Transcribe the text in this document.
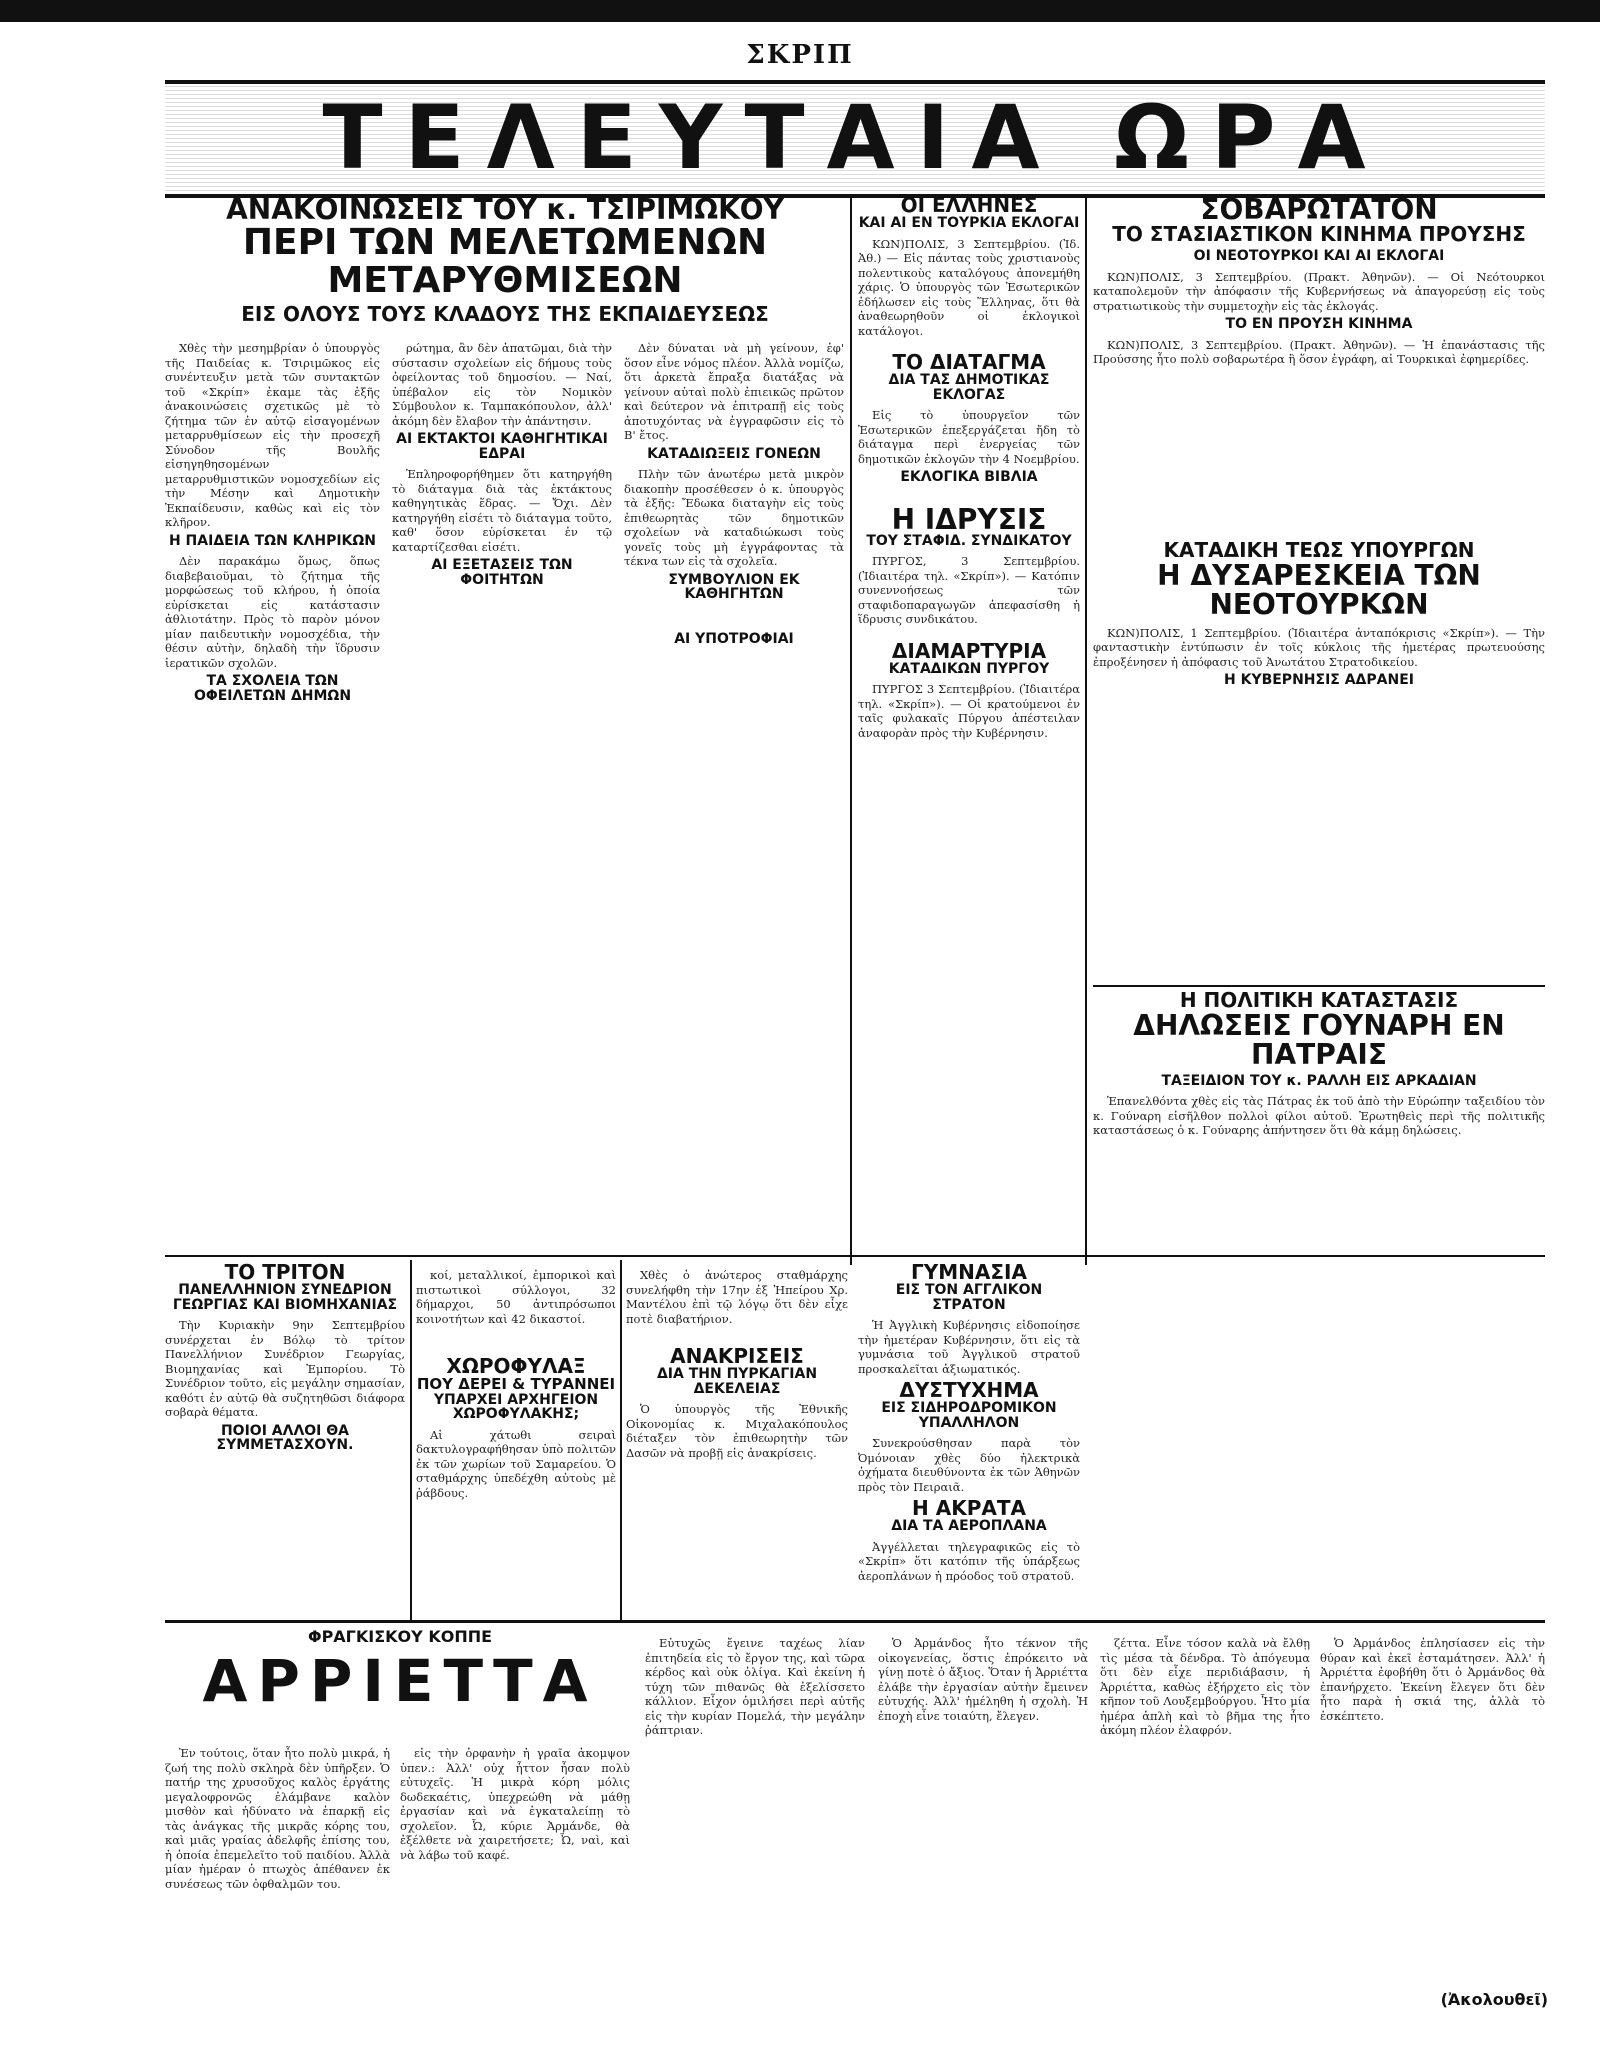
ΣΚΡΙΠ
ΤΕΛΕΥΤΑΙΑ ΩΡΑ
ΑΝΑΚΟΙΝΩΣΕΙΣ ΤΟΥ κ. ΤΣΙΡΙΜΩΚΟΥ
ΠΕΡΙ ΤΩΝ ΜΕΛΕΤΩΜΕΝΩΝ ΜΕΤΑΡΥΘΜΙΣΕΩΝ
ΕΙΣ ΟΛΟΥΣ ΤΟΥΣ ΚΛΑΔΟΥΣ ΤΗΣ ΕΚΠΑΙΔΕΥΣΕΩΣ

Χθὲς τὴν μεσημβρίαν ὁ ὑπουργὸς τῆς Παιδείας κ. Τσιριμῶκος εἰς συνέντευξιν μετὰ τῶν συντακτῶν τοῦ «Σκρίπ» ἐκαμε τὰς ἑξῆς ἀνακοινώσεις σχετικῶς μὲ τὸ ζήτημα τῶν ἐν αὐτῷ εἰσαγομένων μεταρρυθμίσεων εἰς τὴν προσεχῆ Σύνοδον τῆς Βουλῆς εἰσηγηθησομένων μεταρρυθμιστικῶν νομοσχεδίων εἰς τὴν Μέσην καὶ Δημοτικὴν Ἐκπαίδευσιν, καθὼς καὶ εἰς τὸν κλῆρον.

Η ΠΑΙΔΕΙΑ ΤΩΝ ΚΛΗΡΙΚΩΝ

Δὲν παρακάμω ὅμως, ὅπως διαβεβαιοῦμαι, τὸ ζήτημα τῆς μορφώσεως τοῦ κλήρου, ἡ ὁποία εὑρίσκεται εἰς κατάστασιν ἀθλιοτάτην. Πρὸς τὸ παρὸν μόνον μίαν παιδευτικὴν νομοσχέδια, τὴν θέσιν αὐτὴν, δηλαδὴ τὴν ἵδρυσιν ἱερατικῶν σχολῶν.

ΤΑ ΣΧΟΛΕΙΑ ΤΩΝ ΟΦΕΙΛΕΤΩΝ ΔΗΜΩΝ

ρώτημα, ἂν δὲν ἀπατῶμαι, διὰ τὴν σύστασιν σχολείων εἰς δήμους τοὺς ὀφείλοντας τοῦ δημοσίου. — Ναί, ὑπέβαλον εἰς τὸν Νομικὸν Σύμβουλον κ. Ταμπακόπουλον, ἀλλ' ἀκόμη δὲν ἔλαβον τὴν ἀπάντησιν.

ΑΙ ΕΚΤΑΚΤΟΙ ΚΑΘΗΓΗΤΙΚΑΙ ΕΔΡΑΙ

Ἐπληροφορήθημεν ὅτι κατηργήθη τὸ διάταγμα διὰ τὰς ἐκτάκτους καθηγητικὰς ἕδρας. — Ὄχι. Δὲν κατηργήθη εἰσέτι τὸ διάταγμα τοῦτο, καθ' ὅσον εὑρίσκεται ἐν τῷ καταρτίζεσθαι εἰσέτι.

ΑΙ ΕΞΕΤΑΣΕΙΣ ΤΩΝ ΦΟΙΤΗΤΩΝ

Δὲν δύναται νὰ μὴ γείνουν, ἐφ' ὅσον εἶνε νόμος πλέον. Ἀλλὰ νομίζω, ὅτι ἀρκετὰ ἔπραξα διατάξας νὰ γείνουν αὐταὶ πολὺ ἐπιεικῶς πρῶτον καὶ δεύτερον νὰ ἐπιτραπῇ εἰς τοὺς ἀποτυχόντας νὰ ἐγγραφῶσιν εἰς τὸ Β' ἔτος.

ΚΑΤΑΔΙΩΞΕΙΣ ΓΟΝΕΩΝ

Πλὴν τῶν ἀνωτέρω μετὰ μικρὸν διακοπὴν προσέθεσεν ὁ κ. ὑπουργὸς τὰ ἑξῆς: Ἔδωκα διαταγὴν εἰς τοὺς ἐπιθεωρητὰς τῶν δημοτικῶν σχολείων νὰ καταδιώκωσι τοὺς γονεῖς τοὺς μὴ ἐγγράφοντας τὰ τέκνα των εἰς τὰ σχολεῖα.

ΣΥΜΒΟΥΛΙΟΝ ΕΚ ΚΑΘΗΓΗΤΩΝ
ΑΙ ΥΠΟΤΡΟΦΙΑΙ
ΟΙ ΕΛΛΗΝΕΣ
ΚΑΙ ΑΙ ΕΝ ΤΟΥΡΚΙΑ ΕΚΛΟΓΑΙ

ΚΩΝ)ΠΟΛΙΣ, 3 Σεπτεμβρίου. (Ἰδ. Ἀθ.) — Εἰς πάντας τοὺς χριστιανοὺς πολεντικοὺς καταλόγους ἀπονεμήθη χάρις. Ὁ ὑπουργὸς τῶν Ἐσωτερικῶν ἐδήλωσεν εἰς τοὺς Ἕλληνας, ὅτι θὰ ἀναθεωρηθοῦν οἱ ἐκλογικοὶ κατάλογοι.

ΤΟ ΔΙΑΤΑΓΜΑ
ΔΙΑ ΤΑΣ ΔΗΜΟΤΙΚΑΣ ΕΚΛΟΓΑΣ

Εἰς τὸ ὑπουργεῖον τῶν Ἐσωτερικῶν ἐπεξεργάζεται ἤδη τὸ διάταγμα περὶ ἐνεργείας τῶν δημοτικῶν ἐκλογῶν τὴν 4 Νοεμβρίου.

ΕΚΛΟΓΙΚΑ ΒΙΒΛΙΑ
Η ΙΔΡΥΣΙΣ
ΤΟΥ ΣΤΑΦΙΔ. ΣΥΝΔΙΚΑΤΟΥ

ΠΥΡΓΟΣ, 3 Σεπτεμβρίου. (Ἰδιαιτέρα τηλ. «Σκρίπ»). — Κατόπιν συνεννοήσεως τῶν σταφιδοπαραγωγῶν ἀπεφασίσθη ἡ ἵδρυσις συνδικάτου.

ΔΙΑΜΑΡΤΥΡΙΑ
ΚΑΤΑΔΙΚΩΝ ΠΥΡΓΟΥ

ΠΥΡΓΟΣ 3 Σεπτεμβρίου. (Ἰδιαιτέρα τηλ. «Σκρίπ»). — Οἱ κρατούμενοι ἐν ταῖς φυλακαῖς Πύργου ἀπέστειλαν ἀναφορὰν πρὸς τὴν Κυβέρνησιν.

ΣΟΒΑΡΩΤΑΤΟΝ
ΤΟ ΣΤΑΣΙΑΣΤΙΚΟΝ ΚΙΝΗΜΑ ΠΡΟΥΣΗΣ
ΟΙ ΝΕΟΤΟΥΡΚΟΙ ΚΑΙ ΑΙ ΕΚΛΟΓΑΙ

ΚΩΝ)ΠΟΛΙΣ, 3 Σεπτεμβρίου. (Πρακτ. Ἀθηνῶν). — Οἱ Νεότουρκοι καταπολεμοῦν τὴν ἀπόφασιν τῆς Κυβερνήσεως νὰ ἀπαγορεύσῃ εἰς τοὺς στρατιωτικοὺς τὴν συμμετοχὴν εἰς τὰς ἐκλογάς.

ΤΟ ΕΝ ΠΡΟΥΣΗ ΚΙΝΗΜΑ

ΚΩΝ)ΠΟΛΙΣ, 3 Σεπτεμβρίου. (Πρακτ. Ἀθηνῶν). — Ἡ ἐπανάστασις τῆς Προύσσης ἦτο πολὺ σοβαρωτέρα ἢ ὅσον ἐγράφη, αἱ Τουρκικαὶ ἐφημερίδες.

ΚΑΤΑΔΙΚΗ ΤΕΩΣ ΥΠΟΥΡΓΩΝ
Η ΔΥΣΑΡΕΣΚΕΙΑ ΤΩΝ ΝΕΟΤΟΥΡΚΩΝ

ΚΩΝ)ΠΟΛΙΣ, 1 Σεπτεμβρίου. (Ἰδιαιτέρα ἀνταπόκρισις «Σκρίπ»). — Τὴν φανταστικὴν ἐντύπωσιν ἐν τοῖς κύκλοις τῆς ἡμετέρας πρωτευούσης ἐπροξένησεν ἡ ἀπόφασις τοῦ Ἀνωτάτου Στρατοδικείου.

Η ΚΥΒΕΡΝΗΣΙΣ ΑΔΡΑΝΕΙ
Η ΠΟΛΙΤΙΚΗ ΚΑΤΑΣΤΑΣΙΣ
ΔΗΛΩΣΕΙΣ ΓΟΥΝΑΡΗ ΕΝ ΠΑΤΡΑΙΣ
ΤΑΞΕΙΔΙΟΝ ΤΟΥ κ. ΡΑΛΛΗ ΕΙΣ ΑΡΚΑΔΙΑΝ

Ἐπανελθόντα χθὲς εἰς τὰς Πάτρας ἐκ τοῦ ἀπὸ τὴν Εὐρώπην ταξειδίου τὸν κ. Γούναρη εἰσῆλθον πολλοὶ φίλοι αὐτοῦ. Ἐρωτηθεὶς περὶ τῆς πολιτικῆς καταστάσεως ὁ κ. Γούναρης ἀπήντησεν ὅτι θὰ κάμῃ δηλώσεις.

ΤΟ ΤΡΙΤΟΝ
ΠΑΝΕΛΛΗΝΙΟΝ ΣΥΝΕΔΡΙΟΝ
ΓΕΩΡΓΙΑΣ ΚΑΙ ΒΙΟΜΗΧΑΝΙΑΣ

Τὴν Κυριακὴν 9ην Σεπτεμβρίου συνέρχεται ἐν Βόλῳ τὸ τρίτον Πανελλήνιον Συνέδριον Γεωργίας, Βιομηχανίας καὶ Ἐμπορίου. Τὸ Συνέδριον τοῦτο, εἰς μεγάλην σημασίαν, καθότι ἐν αὐτῷ θὰ συζητηθῶσι διάφορα σοβαρὰ θέματα.

ΠΟΙΟΙ ΑΛΛΟΙ ΘΑ ΣΥΜΜΕΤΑΣΧΟΥΝ.

κοί, μεταλλικοί, ἐμπορικοὶ καὶ πιστωτικοὶ σύλλογοι, 32 δήμαρχοι, 50 ἀντιπρόσωποι κοινοτήτων καὶ 42 δικαστοί.

ΧΩΡΟΦΥΛΑΞ
ΠΟΥ ΔΕΡΕΙ & ΤΥΡΑΝΝΕΙ
ΥΠΑΡΧΕΙ ΑΡΧΗΓΕΙΟΝ ΧΩΡΟΦΥΛΑΚΗΣ;

Αἱ χάτωθι σειραὶ δακτυλογραφήθησαν ὑπὸ πολιτῶν ἐκ τῶν χωρίων τοῦ Σαμαρείου. Ὁ σταθμάρχης ὑπεδέχθη αὐτοὺς μὲ ῥάβδους.

Χθὲς ὁ ἀνώτερος σταθμάρχης συνελήφθη τὴν 17ην ἐξ Ἠπείρου Χρ. Μαντέλου ἐπὶ τῷ λόγῳ ὅτι δὲν εἶχε ποτὲ διαβατήριον.

ΑΝΑΚΡΙΣΕΙΣ
ΔΙΑ ΤΗΝ ΠΥΡΚΑΓΙΑΝ ΔΕΚΕΛΕΙΑΣ

Ὁ ὑπουργὸς τῆς Ἐθνικῆς Οἰκονομίας κ. Μιχαλακόπουλος διέταξεν τὸν ἐπιθεωρητὴν τῶν Δασῶν νὰ προβῇ εἰς ἀνακρίσεις.

ΓΥΜΝΑΣΙΑ
ΕΙΣ ΤΟΝ ΑΓΓΛΙΚΟΝ ΣΤΡΑΤΟΝ

Ἡ Ἀγγλικὴ Κυβέρνησις εἰδοποίησε τὴν ἡμετέραν Κυβέρνησιν, ὅτι εἰς τὰ γυμνάσια τοῦ Ἀγγλικοῦ στρατοῦ προσκαλεῖται ἀξιωματικός.

ΔΥΣΤΥΧΗΜΑ
ΕΙΣ ΣΙΔΗΡΟΔΡΟΜΙΚΟΝ ΥΠΑΛΛΗΛΟΝ

Συνεκρούσθησαν παρὰ τὸν Ὀμόνοιαν χθὲς δύο ἠλεκτρικὰ ὀχήματα διευθύνοντα ἐκ τῶν Ἀθηνῶν πρὸς τὸν Πειραιᾶ.

Η ΑΚΡΑΤΑ
ΔΙΑ ΤΑ ΑΕΡΟΠΛΑΝΑ

Ἀγγέλλεται τηλεγραφικῶς εἰς τὸ «Σκρίπ» ὅτι κατόπιν τῆς ὑπάρξεως ἀεροπλάνων ἡ πρόοδος τοῦ στρατοῦ.

ΦΡΑΓΚΙΣΚΟΥ ΚΟΠΠΕ
ΑΡΡΙΕΤΤΑ

Ἐν τούτοις, ὅταν ἦτο πολὺ μικρά, ἡ ζωή της πολὺ σκληρὰ δὲν ὑπῆρξεν. Ὁ πατήρ της χρυσοῦχος καλὸς ἐργάτης μεγαλοφρονῶς ἐλάμβανε καλὸν μισθὸν καὶ ἠδύνατο νὰ ἐπαρκῇ εἰς τὰς ἀνάγκας τῆς μικρᾶς κόρης του, καὶ μιᾶς γραίας ἀδελφῆς ἐπίσης του, ἡ ὁποία ἐπεμελεῖτο τοῦ παιδίου. Ἀλλὰ μίαν ἡμέραν ὁ πτωχὸς ἀπέθανεν ἐκ συνέσεως τῶν ὀφθαλμῶν του.

εἰς τὴν ὀρφανὴν ἡ γραῖα ἀκομψον ὑπεν.: Ἀλλ' οὐχ ἧττον ἦσαν πολὺ εὐτυχεῖς. Ἡ μικρὰ κόρη μόλις δωδεκαέτις, ὑπεχρεώθη νὰ μάθῃ ἐργασίαν καὶ νὰ ἐγκαταλείπῃ τὸ σχολεῖον. Ὦ, κύριε Ἀρμάνδε, θὰ ἐξέλθετε νὰ χαιρετήσετε; Ὦ, ναὶ, καὶ νὰ λάβω τοῦ καφέ.

Εὐτυχῶς ἔγεινε ταχέως λίαν ἐπιτηδεία εἰς τὸ ἔργον της, καὶ τῶρα κέρδος καὶ οὐκ ὀλίγα. Καὶ ἐκείνη ἡ τύχη τῶν πιθανῶς θὰ ἐξελίσσετο κάλλιον. Εἶχον ὁμιλήσει περὶ αὐτῆς εἰς τὴν κυρίαν Πομελά, τὴν μεγάλην ῥάπτριαν.

Ὁ Ἀρμάνδος ἦτο τέκνον τῆς οἰκογενείας, ὅστις ἐπρόκειτο νὰ γίνῃ ποτὲ ὁ ἄξιος. Ὅταν ἡ Ἀρριέττα ἐλάβε τὴν ἐργασίαν αὐτὴν ἔμεινεν εὐτυχής. Ἀλλ' ἠμέληθη ἡ σχολὴ. Ἡ ἐποχὴ εἶνε τοιαύτη, ἔλεγεν.

ζέττα. Εἶνε τόσον καλὰ νὰ ἔλθῃ τὶς μέσα τὰ δένδρα. Τὸ ἀπόγευμα ὅτι δὲν εἶχε περιδιάβασιν, ἡ Ἀρριέττα, καθὼς ἐξήρχετο εἰς τὸν κῆπον τοῦ Λουξεμβούργου. Ἦτο μία ἡμέρα ἁπλὴ καὶ τὸ βῆμα της ἦτο ἀκόμη πλέον ἐλαφρόν.

Ὁ Ἀρμάνδος ἐπλησίασεν εἰς τὴν θύραν καὶ ἐκεῖ ἐσταμάτησεν. Ἀλλ' ἡ Ἀρριέττα ἐφοβήθη ὅτι ὁ Ἀρμάνδος θὰ ἐπανήρχετο. Ἐκείνη ἔλεγεν ὅτι δὲν ἦτο παρὰ ἡ σκιά της, ἀλλὰ τὸ ἐσκέπτετο.

(Ἀκολουθεῖ)
